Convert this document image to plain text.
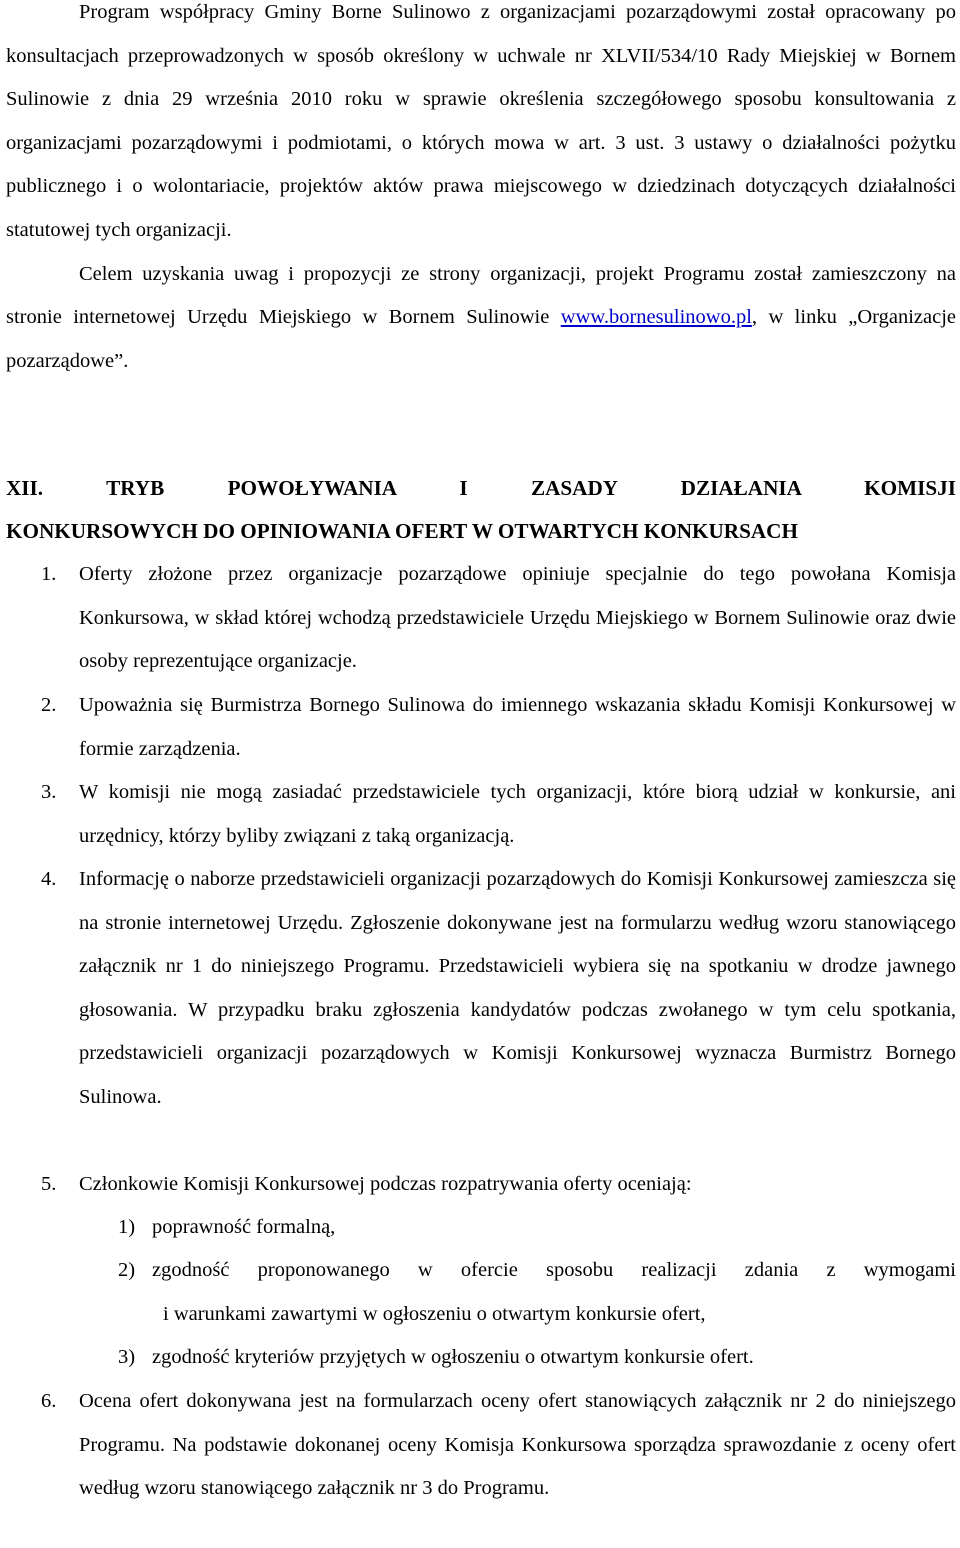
Program współpracy Gminy Borne Sulinowo z organizacjami pozarządowymi został opracowany po konsultacjach przeprowadzonych w sposób określony w uchwale nr XLVII/534/10 Rady Miejskiej w Bornem Sulinowie z dnia 29 września 2010 roku w sprawie określenia szczegółowego sposobu konsultowania z organizacjami pozarządowymi i podmiotami, o których mowa w art. 3 ust. 3 ustawy o działalności pożytku publicznego i o wolontariacie, projektów aktów prawa miejscowego w dziedzinach dotyczących działalności statutowej tych organizacji.

Celem uzyskania uwag i propozycji ze strony organizacji, projekt Programu został zamieszczony na stronie internetowej Urzędu Miejskiego w Bornem Sulinowie www.bornesulinowo.pl, w linku „Organizacje pozarządowe”.

XII. TRYB POWOŁYWANIA I ZASADY DZIAŁANIA KOMISJI
KONKURSOWYCH DO OPINIOWANIA OFERT W OTWARTYCH KONKURSACH
1. Oferty złożone przez organizacje pozarządowe opiniuje specjalnie do tego powołana Komisja Konkursowa, w skład której wchodzą przedstawiciele Urzędu Miejskiego w Bornem Sulinowie oraz dwie osoby reprezentujące organizacje.
2. Upoważnia się Burmistrza Bornego Sulinowa do imiennego wskazania składu Komisji Konkursowej w formie zarządzenia.
3. W komisji nie mogą zasiadać przedstawiciele tych organizacji, które biorą udział w konkursie, ani urzędnicy, którzy byliby związani z taką organizacją.
4. Informację o naborze przedstawicieli organizacji pozarządowych do Komisji Konkursowej zamieszcza się na stronie internetowej Urzędu. Zgłoszenie dokonywane jest na formularzu według wzoru stanowiącego załącznik nr 1 do niniejszego Programu. Przedstawicieli wybiera się na spotkaniu w drodze jawnego głosowania. W przypadku braku zgłoszenia kandydatów podczas zwołanego w tym celu spotkania, przedstawicieli organizacji pozarządowych w Komisji Konkursowej wyznacza Burmistrz Bornego Sulinowa.
5. Członkowie Komisji Konkursowej podczas rozpatrywania oferty oceniają:
1) poprawność formalną,
2) zgodność proponowanego w ofercie sposobu realizacji zdania z wymogami
i warunkami zawartymi w ogłoszeniu o otwartym konkursie ofert,
3) zgodność kryteriów przyjętych w ogłoszeniu o otwartym konkursie ofert.
6. Ocena ofert dokonywana jest na formularzach oceny ofert stanowiących załącznik nr 2 do niniejszego Programu. Na podstawie dokonanej oceny Komisja Konkursowa sporządza sprawozdanie z oceny ofert według wzoru stanowiącego załącznik nr 3 do Programu.
